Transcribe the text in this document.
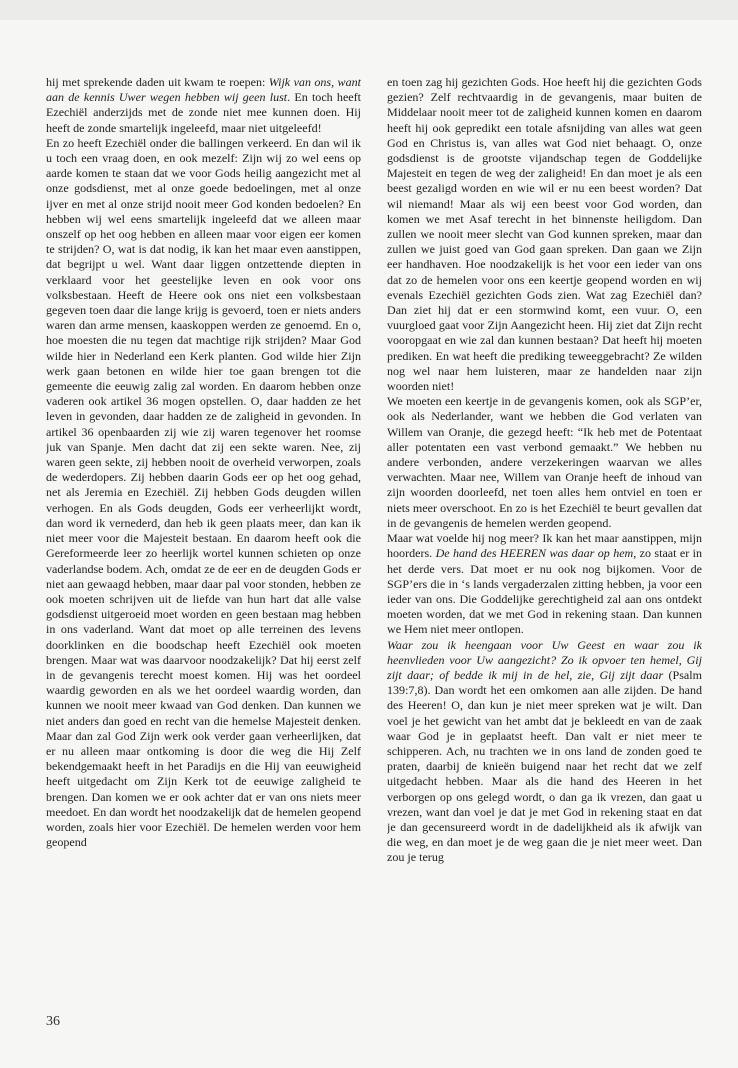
hij met sprekende daden uit kwam te roepen: Wijk van ons, want aan de kennis Uwer wegen hebben wij geen lust. En toch heeft Ezechiël anderzijds met de zonde niet mee kunnen doen. Hij heeft de zonde smartelijk ingeleefd, maar niet uitgeleefd!

En zo heeft Ezechiël onder die ballingen verkeerd. En dan wil ik u toch een vraag doen, en ook mezelf: Zijn wij zo wel eens op aarde komen te staan dat we voor Gods heilig aangezicht met al onze godsdienst, met al onze goede bedoelingen, met al onze ijver en met al onze strijd nooit meer God konden bedoelen? En hebben wij wel eens smartelijk ingeleefd dat we alleen maar onszelf op het oog hebben en alleen maar voor eigen eer komen te strijden? O, wat is dat nodig, ik kan het maar even aanstippen, dat begrijpt u wel. Want daar liggen ontzettende diepten in verklaard voor het geestelijke leven en ook voor ons volksbestaan. Heeft de Heere ook ons niet een volksbestaan gegeven toen daar die lange krijg is gevoerd, toen er niets anders waren dan arme mensen, kaaskoppen werden ze genoemd. En o, hoe moesten die nu tegen dat machtige rijk strijden? Maar God wilde hier in Nederland een Kerk planten. God wilde hier Zijn werk gaan betonen en wilde hier toe gaan brengen tot die gemeente die eeuwig zalig zal worden. En daarom hebben onze vaderen ook artikel 36 mogen opstellen. O, daar hadden ze het leven in gevonden, daar hadden ze de zaligheid in gevonden. In artikel 36 openbaarden zij wie zij waren tegenover het roomse juk van Spanje. Men dacht dat zij een sekte waren. Nee, zij waren geen sekte, zij hebben nooit de overheid verworpen, zoals de wederdopers. Zij hebben daarin Gods eer op het oog gehad, net als Jeremia en Ezechiël. Zij hebben Gods deugden willen verhogen. En als Gods deugden, Gods eer verheerlijkt wordt, dan word ik vernederd, dan heb ik geen plaats meer, dan kan ik niet meer voor die Majesteit bestaan. En daarom heeft ook die Gereformeerde leer zo heerlijk wortel kunnen schieten op onze vaderlandse bodem. Ach, omdat ze de eer en de deugden Gods er niet aan gewaagd hebben, maar daar pal voor stonden, hebben ze ook moeten schrijven uit de liefde van hun hart dat alle valse godsdienst uitgeroeid moet worden en geen bestaan mag hebben in ons vaderland. Want dat moet op alle terreinen des levens doorklinken en die boodschap heeft Ezechiël ook moeten brengen. Maar wat was daarvoor noodzakelijk? Dat hij eerst zelf in de gevangenis terecht moest komen. Hij was het oordeel waardig geworden en als we het oordeel waardig worden, dan kunnen we nooit meer kwaad van God denken. Dan kunnen we niet anders dan goed en recht van die hemelse Majesteit denken. Maar dan zal God Zijn werk ook verder gaan verheerlijken, dat er nu alleen maar ontkoming is door die weg die Hij Zelf bekendgemaakt heeft in het Paradijs en die Hij van eeuwigheid heeft uitgedacht om Zijn Kerk tot de eeuwige zaligheid te brengen. Dan komen we er ook achter dat er van ons niets meer meedoet. En dan wordt het noodzakelijk dat de hemelen geopend worden, zoals hier voor Ezechiël. De hemelen werden voor hem geopend

en toen zag hij gezichten Gods. Hoe heeft hij die gezichten Gods gezien? Zelf rechtvaardig in de gevangenis, maar buiten de Middelaar nooit meer tot de zaligheid kunnen komen en daarom heeft hij ook gepredikt een totale afsnijding van alles wat geen God en Christus is, van alles wat God niet behaagt. O, onze godsdienst is de grootste vijandschap tegen de Goddelijke Majesteit en tegen de weg der zaligheid! En dan moet je als een beest gezaligd worden en wie wil er nu een beest worden? Dat wil niemand! Maar als wij een beest voor God worden, dan komen we met Asaf terecht in het binnenste heiligdom. Dan zullen we nooit meer slecht van God kunnen spreken, maar dan zullen we juist goed van God gaan spreken. Dan gaan we Zijn eer handhaven. Hoe noodzakelijk is het voor een ieder van ons dat zo de hemelen voor ons een keertje geopend worden en wij evenals Ezechiël gezichten Gods zien. Wat zag Ezechiël dan? Dan ziet hij dat er een stormwind komt, een vuur. O, een vuurgloed gaat voor Zijn Aangezicht heen. Hij ziet dat Zijn recht vooropgaat en wie zal dan kunnen bestaan? Dat heeft hij moeten prediken. En wat heeft die prediking teweeggebracht? Ze wilden nog wel naar hem luisteren, maar ze handelden naar zijn woorden niet!

We moeten een keertje in de gevangenis komen, ook als SGP’er, ook als Nederlander, want we hebben die God verlaten van Willem van Oranje, die gezegd heeft: “Ik heb met de Potentaat aller potentaten een vast verbond gemaakt.” We hebben nu andere verbonden, andere verzekeringen waarvan we alles verwachten. Maar nee, Willem van Oranje heeft de inhoud van zijn woorden doorleefd, net toen alles hem ontviel en toen er niets meer overschoot. En zo is het Ezechiël te beurt gevallen dat in de gevangenis de hemelen werden geopend.

Maar wat voelde hij nog meer? Ik kan het maar aanstippen, mijn hoorders. De hand des HEEREN was daar op hem, zo staat er in het derde vers. Dat moet er nu ook nog bijkomen. Voor de SGP’ers die in ‘s lands vergaderzalen zitting hebben, ja voor een ieder van ons. Die Goddelijke gerechtigheid zal aan ons ontdekt moeten worden, dat we met God in rekening staan. Dan kunnen we Hem niet meer ontlopen.

Waar zou ik heengaan voor Uw Geest en waar zou ik heenvlieden voor Uw aangezicht? Zo ik opvoer ten hemel, Gij zijt daar; of bedde ik mij in de hel, zie, Gij zijt daar (Psalm 139:7,8). Dan wordt het een omkomen aan alle zijden. De hand des Heeren! O, dan kun je niet meer spreken wat je wilt. Dan voel je het gewicht van het ambt dat je bekleedt en van de zaak waar God je in geplaatst heeft. Dan valt er niet meer te schipperen. Ach, nu trachten we in ons land de zonden goed te praten, daarbij de knieën buigend naar het recht dat we zelf uitgedacht hebben. Maar als die hand des Heeren in het verborgen op ons gelegd wordt, o dan ga ik vrezen, dan gaat u vrezen, want dan voel je dat je met God in rekening staat en dat je dan gecensureerd wordt in de dadelijkheid als ik afwijk van die weg, en dan moet je de weg gaan die je niet meer weet. Dan zou je terug

36
